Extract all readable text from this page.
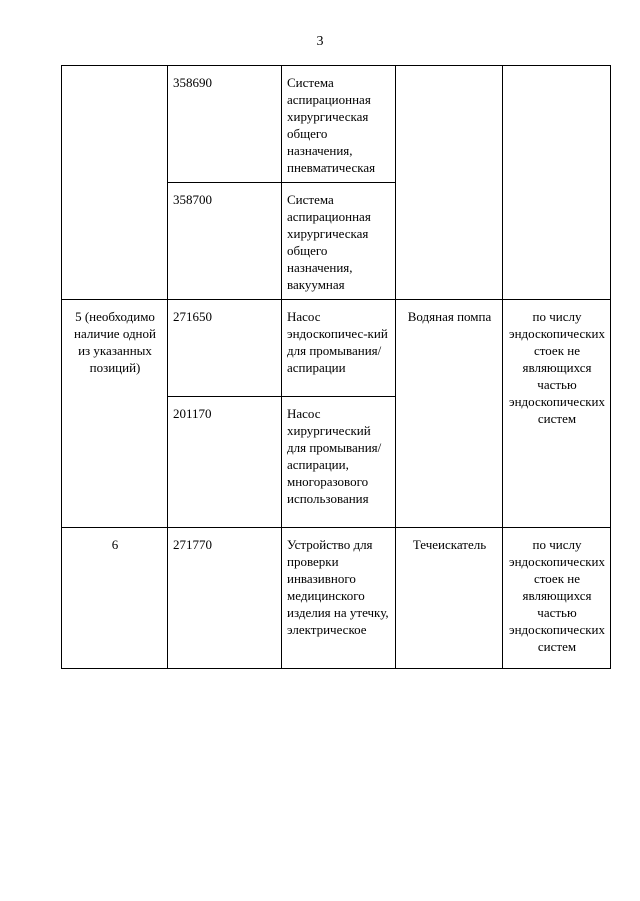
3
	358690	Система аспирационная хирургическая общего назначения, пневматическая		
	358700	Система аспирационная хирургическая общего назначения, вакуумная		
5 (необходимо наличие одной из указанных позиций)	271650	Насос эндоскопичес-кий для промывания/ аспирации	Водяная помпа	по числу эндоскопических стоек не являющихся частью эндоскопических систем
	201170	Насос хирургический для промывания/ аспирации, многоразового использования		
6	271770	Устройство для проверки инвазивного медицинского изделия на утечку, электрическое	Течеискатель	по числу эндоскопических стоек не являющихся частью эндоскопических систем
